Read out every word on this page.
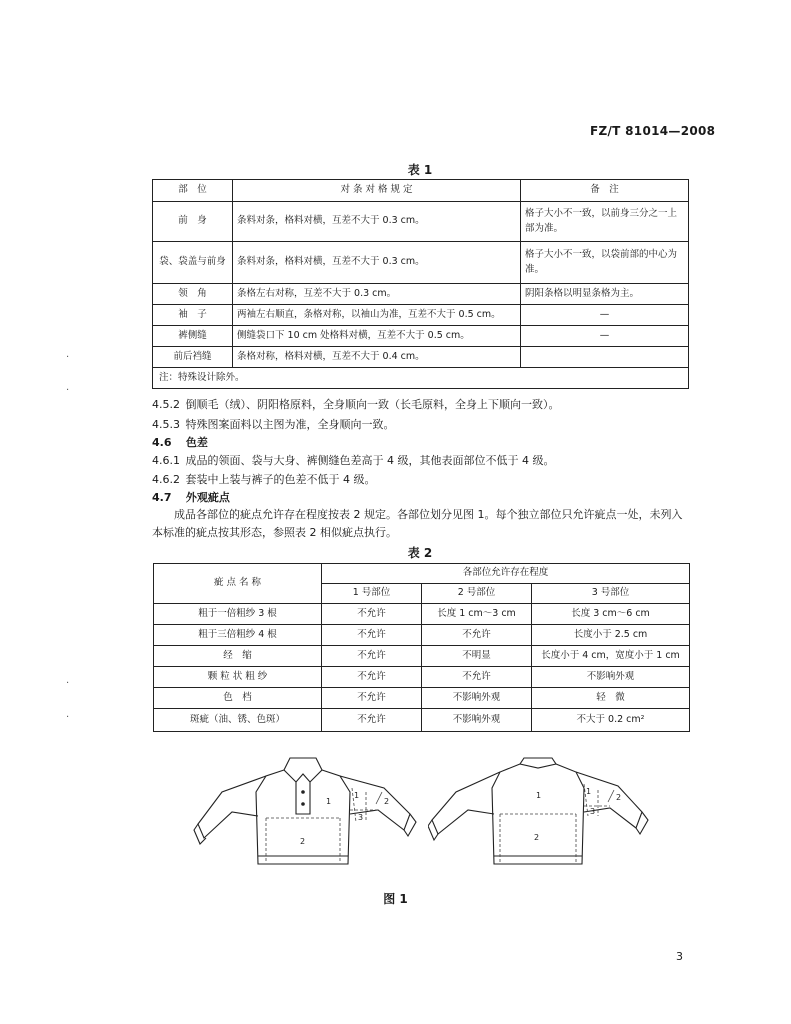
FZ/T 81014—2008
表 1
部　位	对 条 对 格 规 定	备　注
前　身	条料对条，格料对横，互差不大于 0.3 cm。	格子大小不一致，以前身三分之一上部为准。
袋、袋盖与前身	条料对条，格料对横，互差不大于 0.3 cm。	格子大小不一致，以袋前部的中心为准。
领　角	条格左右对称，互差不大于 0.3 cm。	阴阳条格以明显条格为主。
袖　子	两袖左右顺直，条格对称，以袖山为准，互差不大于 0.5 cm。	—
裤侧缝	侧缝袋口下 10 cm 处格料对横，互差不大于 0.5 cm。	—
前后裆缝	条格对称，格料对横，互差不大于 0.4 cm。	
注：特殊设计除外。		
4.5.2 倒顺毛（绒）、阴阳格原料，全身顺向一致（长毛原料，全身上下顺向一致）。
4.5.3 特殊图案面料以主图为准，全身顺向一致。
4.6 色差
4.6.1 成品的领面、袋与大身、裤侧缝色差高于 4 级，其他表面部位不低于 4 级。
4.6.2 套装中上装与裤子的色差不低于 4 级。
4.7 外观疵点
成品各部位的疵点允许存在程度按表 2 规定。各部位划分见图 1。每个独立部位只允许疵点一处，未列入本标准的疵点按其形态，参照表 2 相似疵点执行。
表 2
疵 点 名 称	各部位允许存在程度		
	1 号部位	2 号部位	3 号部位
粗于一倍粗纱 3 根	不允许	长度 1 cm～3 cm	长度 3 cm～6 cm
粗于三倍粗纱 4 根	不允许	不允许	长度小于 2.5 cm
经　缩	不允许	不明显	长度小于 4 cm，宽度小于 1 cm
颗 粒 状 粗 纱	不允许	不允许	不影响外观
色　档	不允许	不影响外观	轻　微
斑疵（油、锈、色斑）	不允许	不影响外观	不大于 0.2 cm²
1
1
2
2
3
1	1
2
2
3
图 1
3
·
·
·
·
